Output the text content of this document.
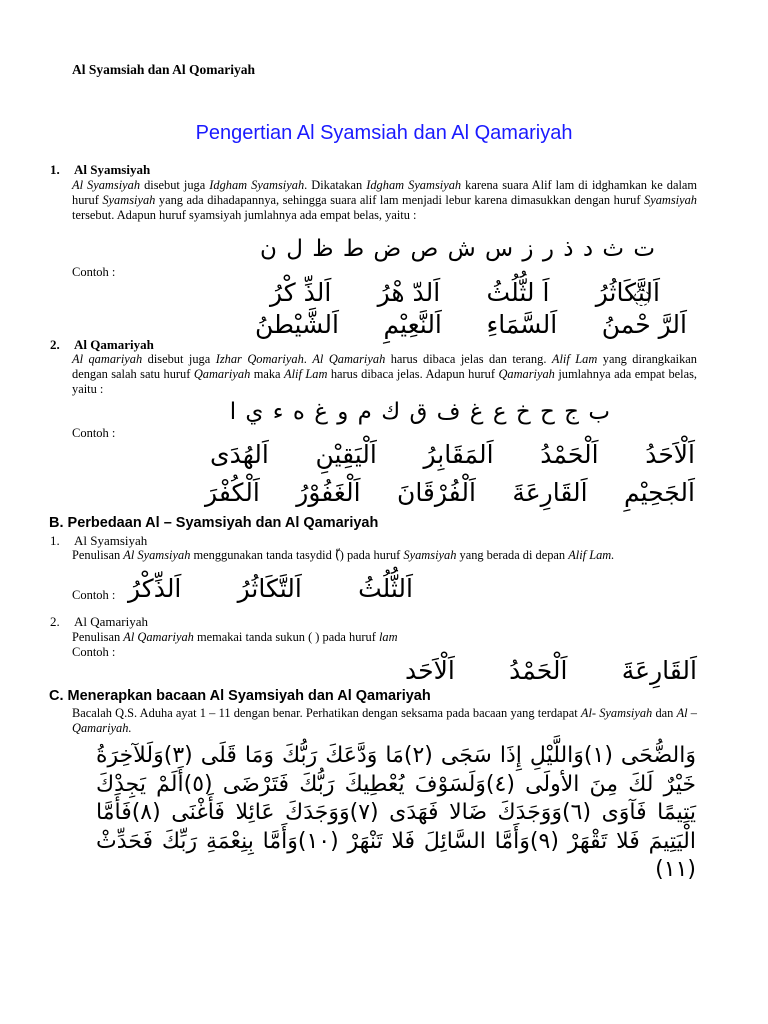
Al Syamsiah dan Al Qomariyah
Pengertian Al Syamsiah dan Al Qamariyah
1. Al Syamsiyah
Al Syamsiyah disebut juga Idgham Syamsiyah. Dikatakan Idgham Syamsiyah karena suara Alif lam di idghamkan ke dalam huruf Syamsiyah yang ada dihadapannya, sehingga suara alif lam menjadi lebur karena dimasukkan dengan huruf Syamsiyah tersebut. Adapun huruf syamsiyah jumlahnya ada empat belas, yaitu :
ت ث د ذ ر ز س ش ص ض ط ظ ل ن
Contoh :
اَلتَّكَاثُرُ
اَ لثُّلُثُ
اَلدّ هْرُ
اَلذِّ كْرُ
اَلرَّ حْمنُ
اَلسَّمَاءِ
اَلنَّعِيْمِ
اَلشَّيْطنُ
2. Al Qamariyah
Al qamariyah disebut juga Izhar Qomariyah. Al Qamariyah harus dibaca jelas dan terang. Alif Lam yang dirangkaikan dengan salah satu huruf Qamariyah maka Alif Lam harus dibaca jelas. Adapun huruf Qamariyah jumlahnya ada empat belas, yaitu :
ب ج ح خ ع غ ف ق ك م و غ ه ء ي ا
Contoh :
اَلْاَحَدُ
اَلْحَمْدُ
اَلمَقَابِرُ
اَلْيَقِيْنِ
اَلهُدَى
اَلجَحِيْمِ
اَلقَارِعَةَ
اَلْفُرْقَانَ
اَلْغَفُوْرُ
اَلْكُفْرَ
B. Perbedaan Al – Syamsiyah dan Al Qamariyah
1. Al Syamsiyah
Penulisan Al Syamsiyah menggunakan tanda tasydid (ّ) pada huruf Syamsiyah yang berada di depan Alif Lam.
Contoh :	اَلثُّلُثُ
اَلتَّكَاثُرُ
اَلذِّكْرُ
2. Al Qamariyah
Penulisan Al Qamariyah memakai tanda sukun ( ) pada huruf lam
Contoh :
اَلقَارِعَةَ
اَلْحَمْدُ
اَلْاَحَد
C. Menerapkan bacaan Al Syamsiyah dan Al Qamariyah
Bacalah Q.S. Aduha ayat 1 – 11 dengan benar. Perhatikan dengan seksama pada bacaan yang terdapat Al- Syamsiyah dan Al – Qamariyah.
وَالضُّحَى (١)وَاللَّيْلِ إِذَا سَجَى (٢)مَا وَدَّعَكَ رَبُّكَ وَمَا قَلَى (٣)وَلَلآخِرَةُ خَيْرٌ لَكَ مِنَ الأولَى (٤)وَلَسَوْفَ يُعْطِيكَ رَبُّكَ فَتَرْضَى (٥)أَلَمْ يَجِدْكَ يَتِيمًا فَآوَى (٦)وَوَجَدَكَ ضَالا فَهَدَى (٧)وَوَجَدَكَ عَائِلا فَأَغْنَى (٨)فَأَمَّا الْيَتِيمَ فَلا تَقْهَرْ (٩)وَأَمَّا السَّائِلَ فَلا تَنْهَرْ (١٠)وَأَمَّا بِنِعْمَةِ رَبِّكَ فَحَدِّثْ (١١)
